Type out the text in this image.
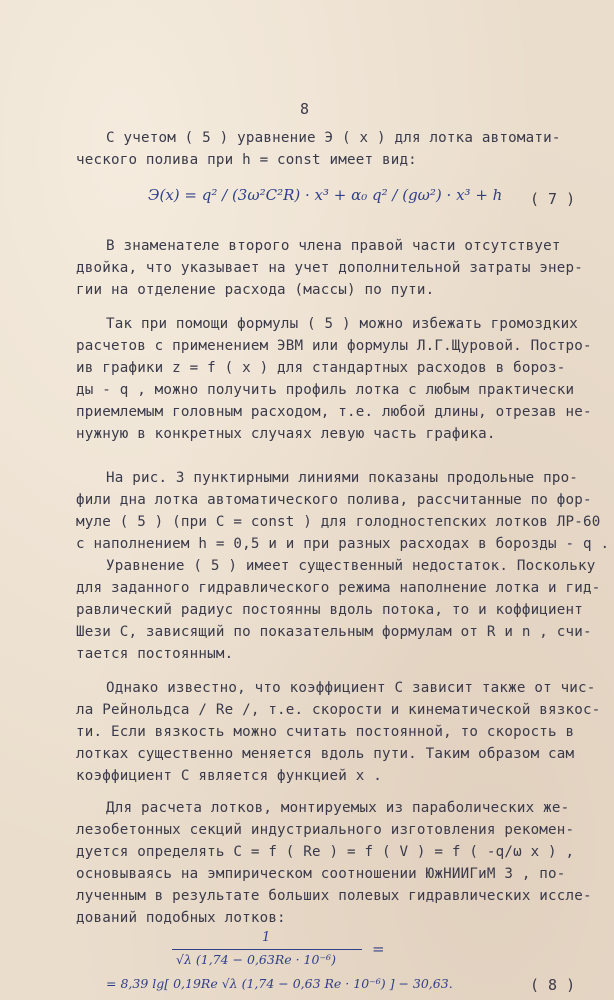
8
С учетом ( 5 ) уравнение Э ( x ) для лотка автомати-
ческого полива при h = const имеет вид:
Э(x) = q² / (3ω²C²R) · x³ + α₀ q² / (gω²) · x³ + h ( 7 )
В знаменателе второго члена правой части отсутствует
двойка, что указывает на учет дополнительной затраты энер-
гии на отделение расхода (массы) по пути.
Так при помощи формулы ( 5 ) можно избежать громоздких
расчетов с применением ЭВМ или формулы Л.Г.Щуровой. Постро-
ив графики z = f ( x ) для стандартных расходов в бороз-
ды - q , можно получить профиль лотка с любым практически
приемлемым головным расходом, т.е. любой длины, отрезав не-
нужную в конкретных случаях левую часть графика.
На рис. 3 пунктирными линиями показаны продольные про-
фили дна лотка автоматического полива, рассчитанные по фор-
муле ( 5 ) (при С = const ) для голодностепских лотков ЛР-60
с наполнением h = 0,5 и и при разных расходах в борозды - q .
Уравнение ( 5 ) имеет существенный недостаток. Поскольку
для заданного гидравлического режима наполнение лотка и гид-
равлический радиус постоянны вдоль потока, то и коффициент
Шези С, зависящий по показательным формулам от R и n , счи-
тается постоянным.
Однако известно, что коэффициент С зависит также от чис-
ла Рейнольдса / Re /, т.е. скорости и кинематической вязкос-
ти. Если вязкость можно считать постоянной, то скорость в
лотках существенно меняется вдоль пути. Таким образом сам
коэффициент С является функцией x .
Для расчета лотков, монтируемых из параболических же-
лезобетонных секций индустриального изготовления рекомен-
дуется определять С = f ( Re ) = f ( V ) = f ( -q/ω x ) ,
основываясь на эмпирическом соотношении ЮжНИИГиМ 3 , по-
лученным в результате больших полевых гидравлических иссле-
дований подобных лотков:
1
√λ (1,74 − 0,63Re · 10⁻⁶)
=
= 8,39 lg[ 0,19Re √λ (1,74 − 0,63 Re · 10⁻⁶) ] − 30,63.	( 8 )
